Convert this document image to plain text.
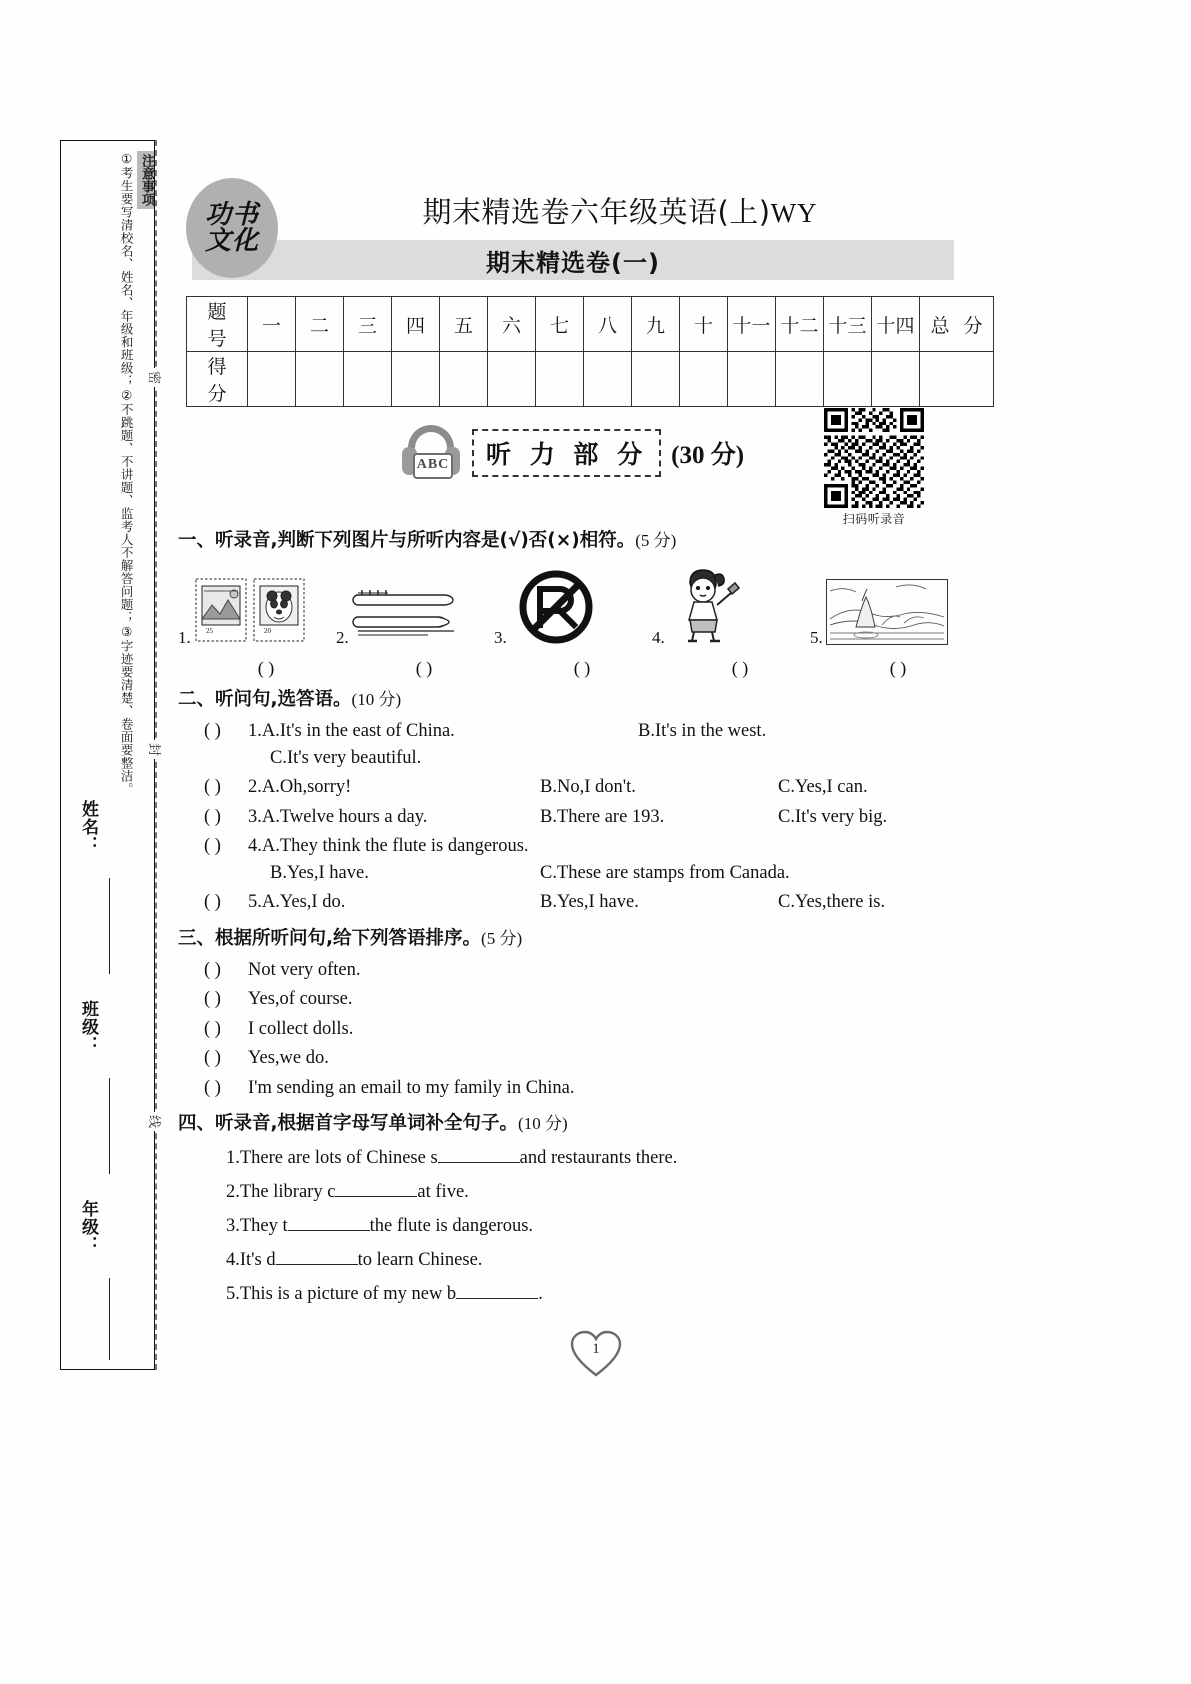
注意事项
①考生要写清校名、姓名、年级和班级；②不跳题、不讲题、监考人不解答问题；③字迹要清楚、卷面要整洁。
姓名：
班级：
年级：
密
封
线
功书
文化
期末精选卷六年级英语(上)WY
期末精选卷(一)
题 号	一	二	三	四	五	六	七	八	九	十	十一	十二	十三	十四	总 分
得 分															
ABC	听 力 部 分 (30 分)
扫码听录音
一、听录音,判断下列图片与所听内容是(√)否(×)相符。(5 分)
1. 25	20	2.	3.	4.	5.
( )	( )	( )	( )	( )
二、听问句,选答语。(10 分)
( )	1.A.It's in the east of China.	B.It's in the west.
C.It's very beautiful.
( )	2.A.Oh,sorry!	B.No,I don't.	C.Yes,I can.
( )	3.A.Twelve hours a day.	B.There are 193.	C.It's very big.
( )	4.A.They think the flute is dangerous.
B.Yes,I have.	C.These are stamps from Canada.
( )	5.A.Yes,I do.	B.Yes,I have.	C.Yes,there is.
三、根据所听问句,给下列答语排序。(5 分)
( )	Not very often.
( )	Yes,of course.
( )	I collect dolls.
( )	Yes,we do.
( )	I'm sending an email to my family in China.
四、听录音,根据首字母写单词补全句子。(10 分)
1.There are lots of Chinese s	and restaurants there.
2.The library c	at five.
3.They t	the flute is dangerous.
4.It's d	to learn Chinese.
5.This is a picture of my new b	.
1
